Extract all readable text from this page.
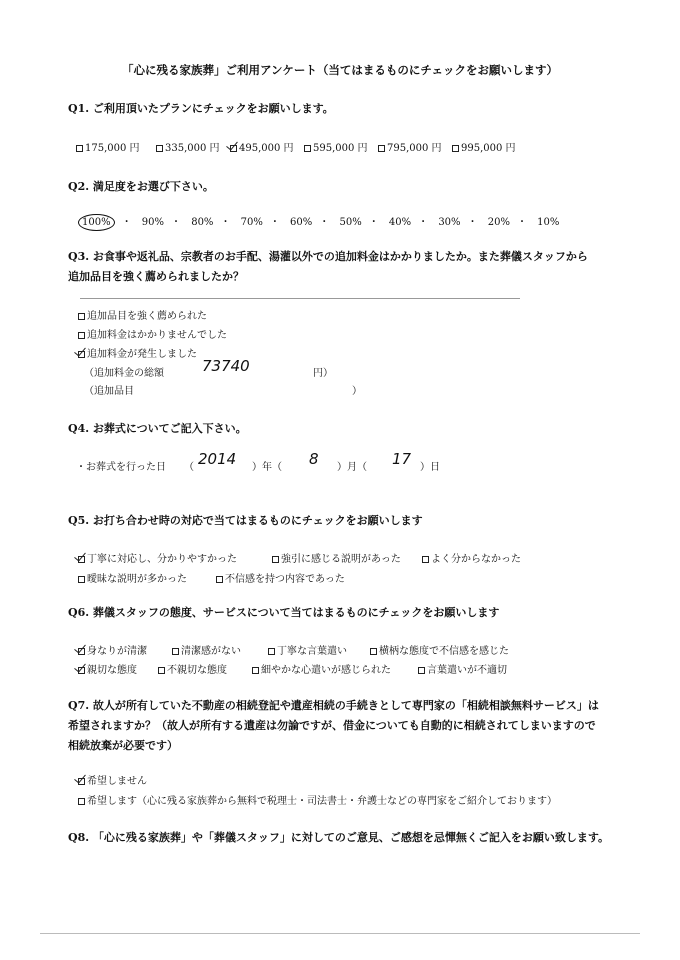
「心に残る家族葬」ご利用アンケート（当てはまるものにチェックをお願いします）
Q1. ご利用頂いたプランにチェックをお願いします。
175,000 円	335,000 円	495,000 円	595,000 円	795,000 円	995,000 円
Q2. 満足度をお選び下さい。
100% ・ 90% ・ 80% ・ 70% ・ 60% ・ 50% ・ 40% ・ 30% ・ 20% ・ 10%
Q3. お食事や返礼品、宗教者のお手配、湯灌以外での追加料金はかかりましたか。また葬儀スタッフから
追加品目を強く薦められましたか？
追加品目を強く薦められた
追加料金はかかりませんでした
追加料金が発生しました
（追加料金の総額	73740	円）
（追加品目	）
Q4. お葬式についてご記入下さい。
・お葬式を行った日 （ 2014 ）年（ 8 ）月（ 17 ）日
Q5. お打ち合わせ時の対応で当てはまるものにチェックをお願いします
丁寧に対応し、分かりやすかった	強引に感じる説明があった	よく分からなかった
曖昧な説明が多かった	不信感を持つ内容であった
Q6. 葬儀スタッフの態度、サービスについて当てはまるものにチェックをお願いします
身なりが清潔	清潔感がない	丁寧な言葉遣い	横柄な態度で不信感を感じた
親切な態度	不親切な態度	細やかな心遣いが感じられた	言葉遣いが不適切
Q7. 故人が所有していた不動産の相続登記や遺産相続の手続きとして専門家の「相続相談無料サービス」は
希望されますか？（故人が所有する遺産は勿論ですが、借金についても自動的に相続されてしまいますので
相続放棄が必要です）
希望しません
希望します（心に残る家族葬から無料で税理士・司法書士・弁護士などの専門家をご紹介しております）
Q8. 「心に残る家族葬」や「葬儀スタッフ」に対してのご意見、ご感想を忌憚無くご記入をお願い致します。
